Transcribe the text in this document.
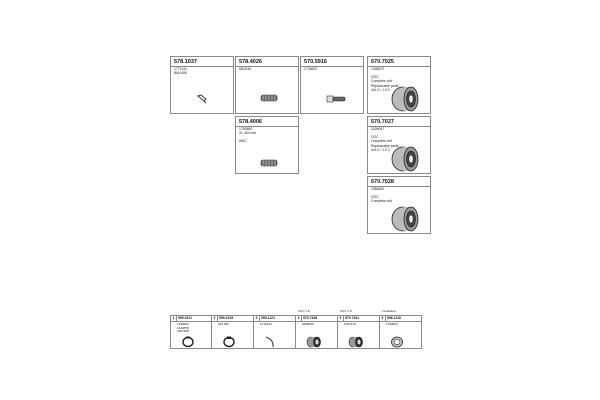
578.1037
1771141
BM1458
578.4026
58CB16
570.5916
1725602
570.7025
1346570
OOC
Complete unit
Replaceable parts
4x1.0 / 1.0.3
578.4006
1783589
XL 400 mm
AWC
570.7027
2026057
OOC
Complete unit
Replaceable parts
4x1.0 / 1.0.3
570.7028
1084650
OOC
Complete unit
SOC 4 ltr	SOC 6 ltr	Installation
1	599.0211
1330053
1620878
1907288
2	599.0215
342.025
3	059.1121
1776412
4	570.7348
2658029
5	570.7341
1327470
6	596.1118
1702824
